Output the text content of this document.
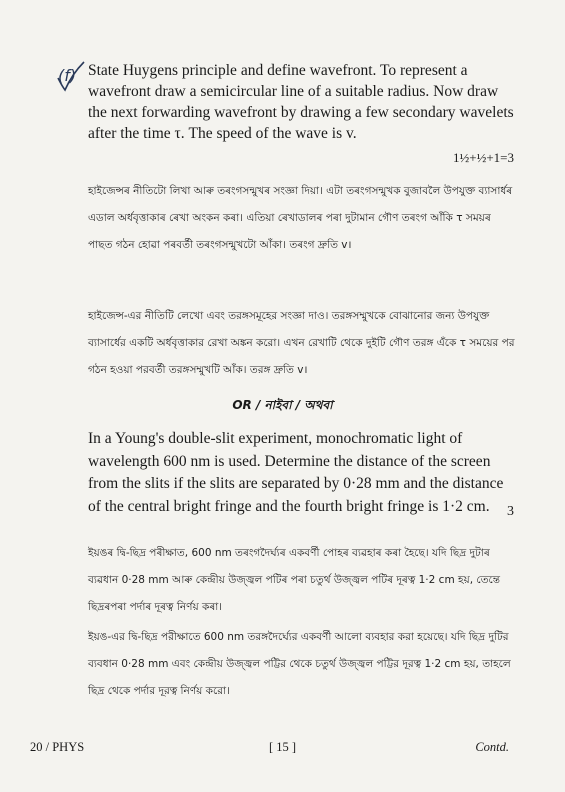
(f) State Huygens principle and define wavefront. To represent a wavefront draw a semicircular line of a suitable radius. Now draw the next forwarding wavefront by drawing a few secondary wavelets after the time τ. The speed of the wave is v.

1½+½+1=3

হাইজেন্সৰ নীতিটো লিখা আৰু তৰংগসন্মুখৰ সংজ্ঞা দিয়া। এটা তৰংগসন্মুখক বুজাবলৈ উপযুক্ত ব্যাসাৰ্ধৰ এডাল অৰ্ধবৃত্তাকাৰ ৰেখা অংকন কৰা। এতিয়া ৰেখাডালৰ পৰা দুটামান গৌণ তৰংগ আঁকি τ সময়ৰ পাছত গঠন হোৱা পৰবৰ্তী তৰংগসন্মুখটো আঁকা। তৰংগ দ্ৰুতি v।

হাইজেন্স-এর নীতিটি লেখো এবং তরঙ্গসমূহের সংজ্ঞা দাও। তরঙ্গসম্মুখকে বোঝানোর জন্য উপযুক্ত ব্যাসার্ধের একটি অর্ধবৃত্তাকার রেখা অঙ্কন করো। এখন রেখাটি থেকে দুইটি গৌণ তরঙ্গ এঁকে τ সময়ের পর গঠন হওয়া পরবর্তী তরঙ্গসম্মুখটি আঁক। তরঙ্গ দ্রুতি v।

OR / নাইবা / অথবা

In a Young's double-slit experiment, monochromatic light of wavelength 600 nm is used. Determine the distance of the screen from the slits if the slits are separated by 0·28 mm and the distance of the central bright fringe and the fourth bright fringe is 1·2 cm.	3

ইয়ঙৰ দ্বি-ছিদ্ৰ পৰীক্ষাত, 600 nm তৰংগদৈৰ্ঘ্যৰ একবৰ্ণী পোহৰ ব্যৱহাৰ কৰা হৈছে। যদি ছিদ্ৰ দুটাৰ ব্যৱধান 0·28 mm আৰু কেন্দ্ৰীয় উজ্জ্বল পটিৰ পৰা চতুৰ্থ উজ্জ্বল পটিৰ দূৰত্ব 1·2 cm হয়, তেন্তে ছিদ্ৰৰপৰা পৰ্দাৰ দূৰত্ব নিৰ্ণয় কৰা।

ইয়ঙ-এর দ্বি-ছিদ্র পরীক্ষাতে 600 nm তরঙ্গদৈর্ঘ্যের একবর্ণী আলো ব্যবহার করা হয়েছে। যদি ছিদ্র দুটির ব্যবধান 0·28 mm এবং কেন্দ্রীয় উজ্জ্বল পট্টির থেকে চতুর্থ উজ্জ্বল পট্টির দূরত্ব 1·2 cm হয়, তাহলে ছিদ্র থেকে পর্দার দূরত্ব নির্ণয় করো।

20 / PHYS	[ 15 ]	Contd.
